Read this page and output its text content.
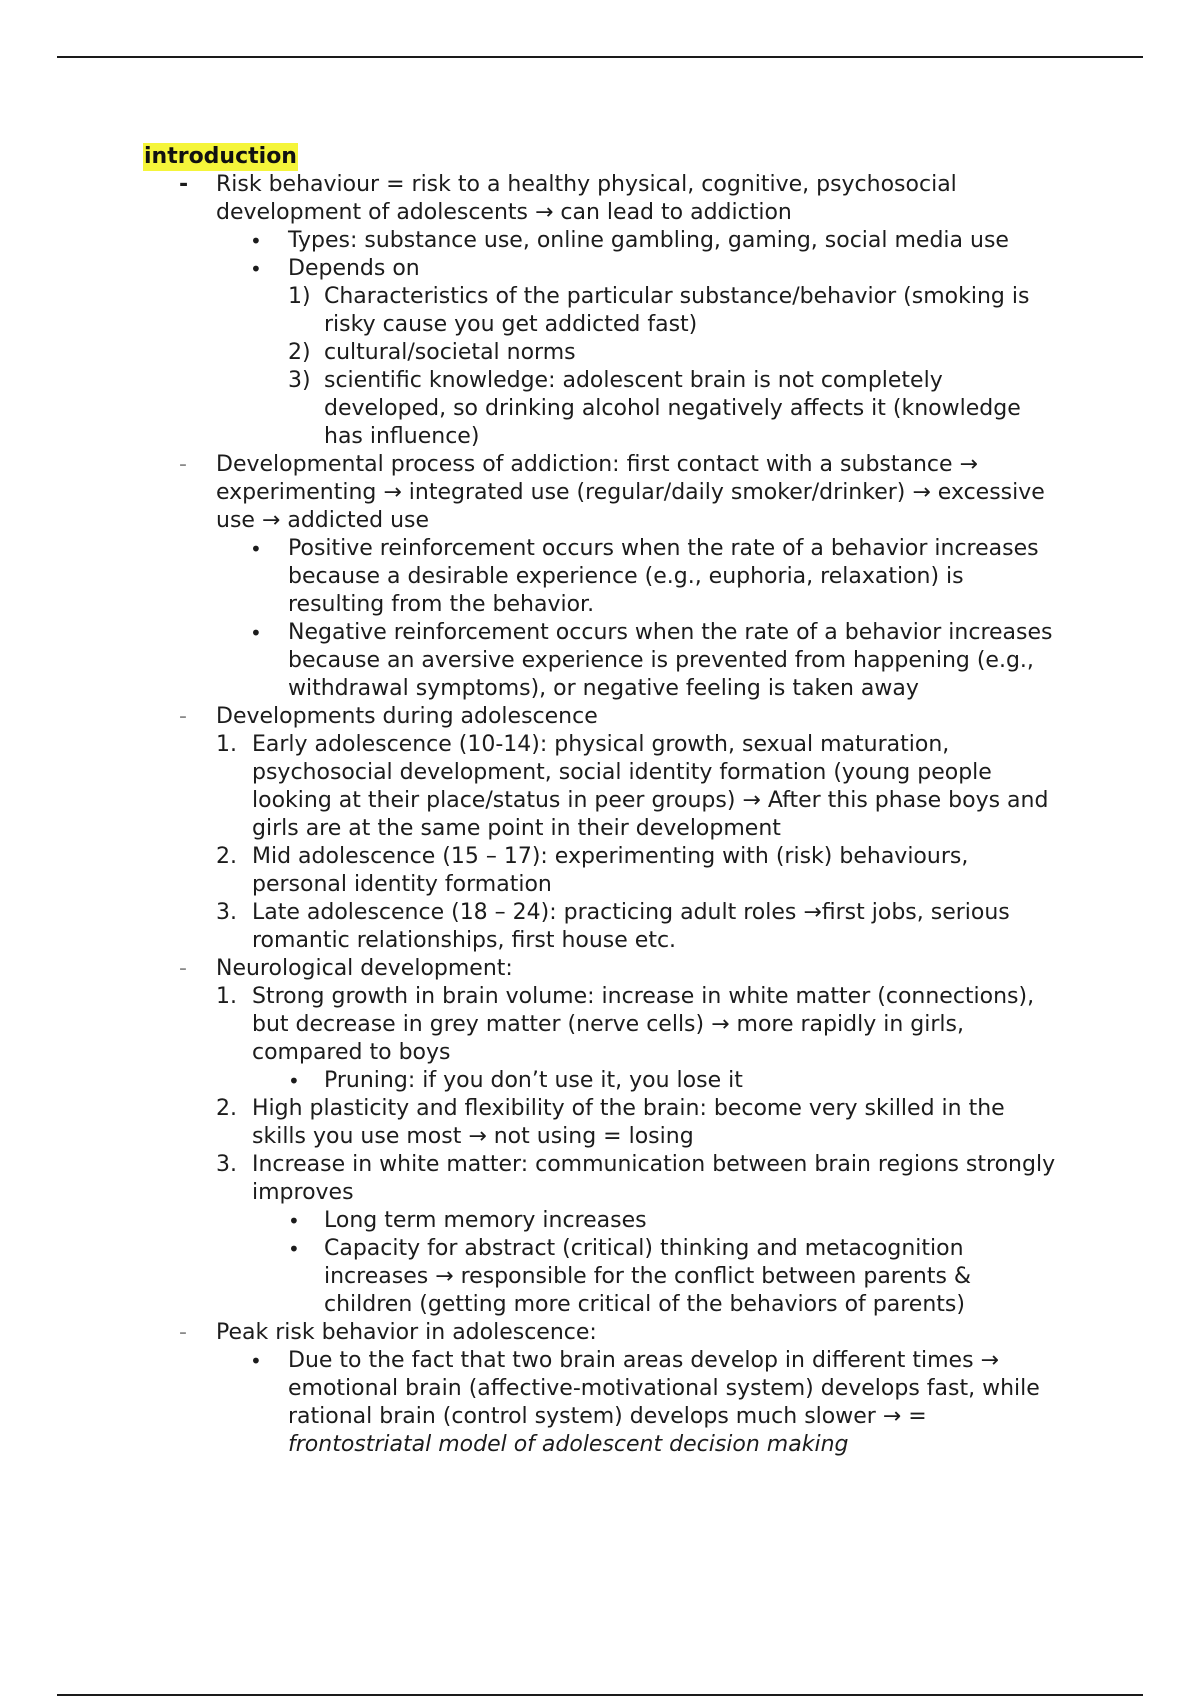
introduction
-	Risk behaviour = risk to a healthy physical, cognitive, psychosocial development of adolescents → can lead to addiction
• Types: substance use, online gambling, gaming, social media use
• Depends on
1) Characteristics of the particular substance/behavior (smoking is risky cause you get addicted fast)
2) cultural/societal norms
3) scientific knowledge: adolescent brain is not completely developed, so drinking alcohol negatively affects it (knowledge has influence)
-	Developmental process of addiction: first contact with a substance → experimenting → integrated use (regular/daily smoker/drinker) → excessive use → addicted use
• Positive reinforcement occurs when the rate of a behavior increases because a desirable experience (e.g., euphoria, relaxation) is resulting from the behavior.
• Negative reinforcement occurs when the rate of a behavior increases because an aversive experience is prevented from happening (e.g., withdrawal symptoms), or negative feeling is taken away
-	Developments during adolescence
1. Early adolescence (10-14): physical growth, sexual maturation, psychosocial development, social identity formation (young people looking at their place/status in peer groups) → After this phase boys and girls are at the same point in their development
2. Mid adolescence (15 – 17): experimenting with (risk) behaviours, personal identity formation
3. Late adolescence (18 – 24): practicing adult roles →first jobs, serious romantic relationships, first house etc.
-	Neurological development:
1. Strong growth in brain volume: increase in white matter (connections), but decrease in grey matter (nerve cells) → more rapidly in girls, compared to boys
• Pruning: if you don’t use it, you lose it
2. High plasticity and flexibility of the brain: become very skilled in the skills you use most → not using = losing
3. Increase in white matter: communication between brain regions strongly improves
• Long term memory increases
• Capacity for abstract (critical) thinking and metacognition increases → responsible for the conflict between parents & children (getting more critical of the behaviors of parents)
-	Peak risk behavior in adolescence:
• Due to the fact that two brain areas develop in different times → emotional brain (affective-motivational system) develops fast, while rational brain (control system) develops much slower → = frontostriatal model of adolescent decision making
